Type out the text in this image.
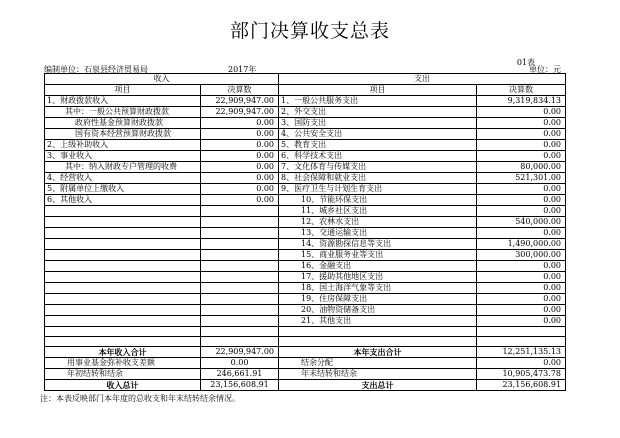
部门决算收支总表
01表
编制单位：石泉县经济贸易局	2017年	单位：元
收入		支出	
项目	决算数	项目	决算数
1、财政拨款收入	22,909,947.00	1、一般公共服务支出	9,319,834.13
其中：一般公共预算财政拨款	22,909,947.00	2、外交支出	0.00
政府性基金预算财政拨款	0.00	3、国防支出	0.00
国有资本经营预算财政拨款	0.00	4、公共安全支出	0.00
2、上级补助收入	0.00	5、教育支出	0.00
3、事业收入	0.00	6、科学技术支出	0.00
其中：纳入财政专户管理的收费	0.00	7、文化体育与传媒支出	80,000.00
4、经营收入	0.00	8、社会保障和就业支出	521,301.00
5、附属单位上缴收入	0.00	9、医疗卫生与计划生育支出	0.00
6、其他收入	0.00	10、节能环保支出	0.00
		11、城乡社区支出	0.00
		12、农林水支出	540,000.00
		13、交通运输支出	0.00
		14、资源勘探信息等支出	1,490,000.00
		15、商业服务业等支出	300,000.00
		16、金融支出	0.00
		17、援助其他地区支出	0.00
		18、国土海洋气象等支出	0.00
		19、住房保障支出	0.00
		20、油物资储备支出	0.00
		21、其他支出	0.00

本年收入合计	22,909,947.00	本年支出合计	12,251,135.13
用事业基金弥补收支差额	0.00	结余分配	0.00
年初结转和结余	246,661.91	年末结转和结余	10,905,473.78
收入总计	23,156,608.91	支出总计	23,156,608.91
注：本表反映部门本年度的总收支和年末结转结余情况。
